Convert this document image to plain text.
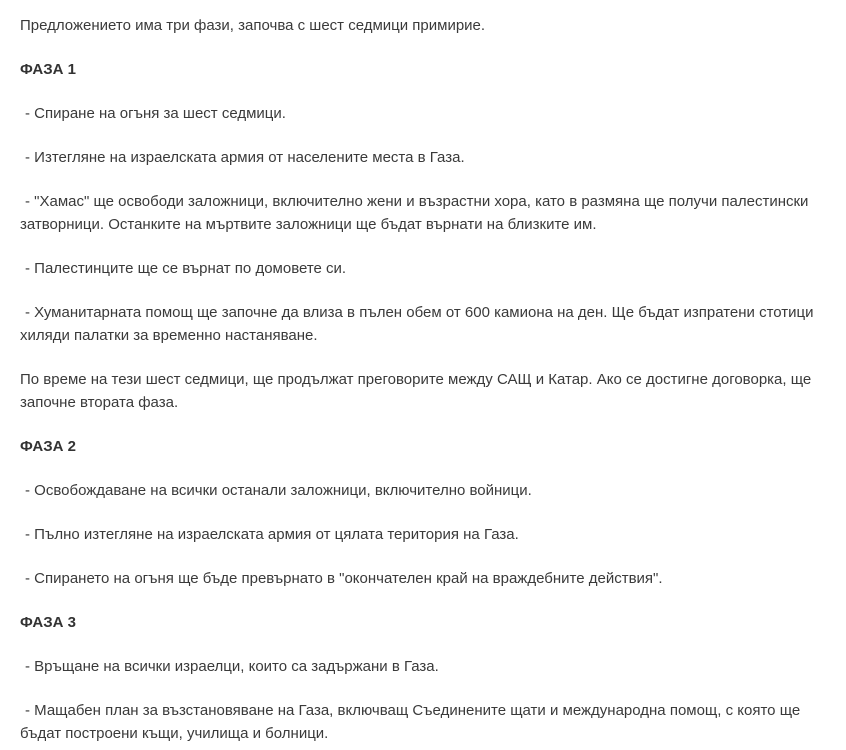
Предложението има три фази, започва с шест седмици примирие.

ФАЗА 1

- Спиране на огъня за шест седмици.

- Изтегляне на израелската армия от населените места в Газа.

- "Хамас" ще освободи заложници, включително жени и възрастни хора, като в размяна ще получи палестински затворници. Останките на мъртвите заложници ще бъдат върнати на близките им.

- Палестинците ще се върнат по домовете си.

- Хуманитарната помощ ще започне да влиза в пълен обем от 600 камиона на ден. Ще бъдат изпратени стотици хиляди палатки за временно настаняване.

По време на тези шест седмици, ще продължат преговорите между САЩ и Катар. Ако се достигне договорка, ще започне втората фаза.

ФАЗА 2

- Освобождаване на всички останали заложници, включително войници.

- Пълно изтегляне на израелската армия от цялата територия на Газа.

- Спирането на огъня ще бъде превърнато в "окончателен край на враждебните действия".

ФАЗА 3

- Връщане на всички израелци, които са задържани в Газа.

- Мащабен план за възстановяване на Газа, включващ Съединените щати и международна помощ, с която ще бъдат построени къщи, училища и болници.
